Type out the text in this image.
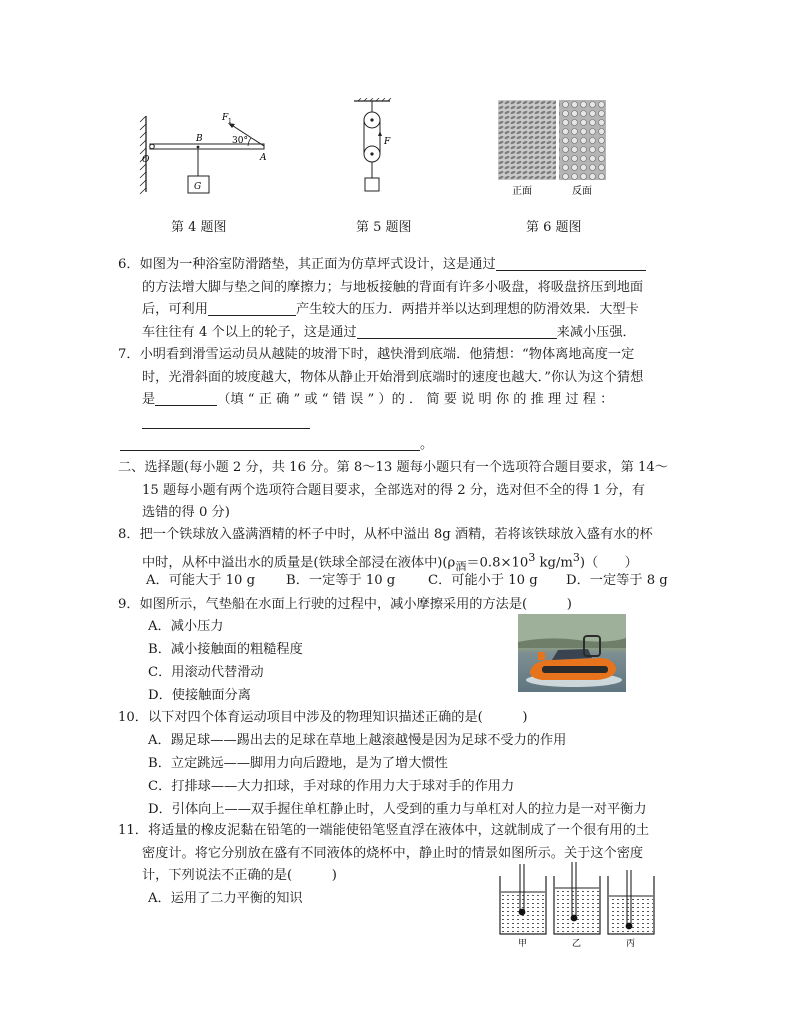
O
B
A
F 1
30°
G
第 4 题图
F
第 5 题图
正面	反面
第 6 题图
6．如图为一种浴室防滑踏垫，其正面为仿草坪式设计，这是通过
的方法增大脚与垫之间的摩擦力；与地板接触的背面有许多小吸盘，将吸盘挤压到地面
后，可利用	产生较大的压力．两措并举以达到理想的防滑效果．大型卡
车往往有 4 个以上的轮子，这是通过	来减小压强．
7．小明看到滑雪运动员从越陡的坡滑下时，越快滑到底端．他猜想：“物体离地高度一定
时，光滑斜面的坡度越大，物体从静止开始滑到底端时的速度也越大．”你认为这个猜想
是	（填 “ 正 确 ” 或 “ 错 误 ” ）的 ． 简 要 说 明 你 的 推 理 过 程 ：
。
二、选择题(每小题 2 分，共 16 分。第 8～13 题每小题只有一个选项符合题目要求，第 14～
15 题每小题有两个选项符合题目要求，全部选对的得 2 分，选对但不全的得 1 分，有
选错的得 0 分)
8．把一个铁球放入盛满酒精的杯子中时，从杯中溢出 8g 酒精，若将该铁球放入盛有水的杯
中时，从杯中溢出水的质量是(铁球全部浸在液体中)($\rho_酒=0.8\times 10^3$ $kg/m^3$)（　　）
A．可能大于 10 g B．一定等于 10 g C．可能小于 10 g D．一定等于 8 g
9．如图所示，气垫船在水面上行驶的过程中，减小摩擦采用的方法是(　　　)
A．减小压力
B．减小接触面的粗糙程度
C．用滚动代替滑动
D．使接触面分离
10．以下对四个体育运动项目中涉及的物理知识描述正确的是(　　　)
A．踢足球——踢出去的足球在草地上越滚越慢是因为足球不受力的作用
B．立定跳远——脚用力向后蹬地，是为了增大惯性
C．打排球——大力扣球，手对球的作用力大于球对手的作用力
D．引体向上——双手握住单杠静止时，人受到的重力与单杠对人的拉力是一对平衡力
11．将适量的橡皮泥黏在铅笔的一端能使铅笔竖直浮在液体中，这就制成了一个很有用的土
密度计。将它分别放在盛有不同液体的烧杯中，静止时的情景如图所示。关于这个密度
计，下列说法不正确的是(　　　)
A．运用了二力平衡的知识
甲	乙	丙
